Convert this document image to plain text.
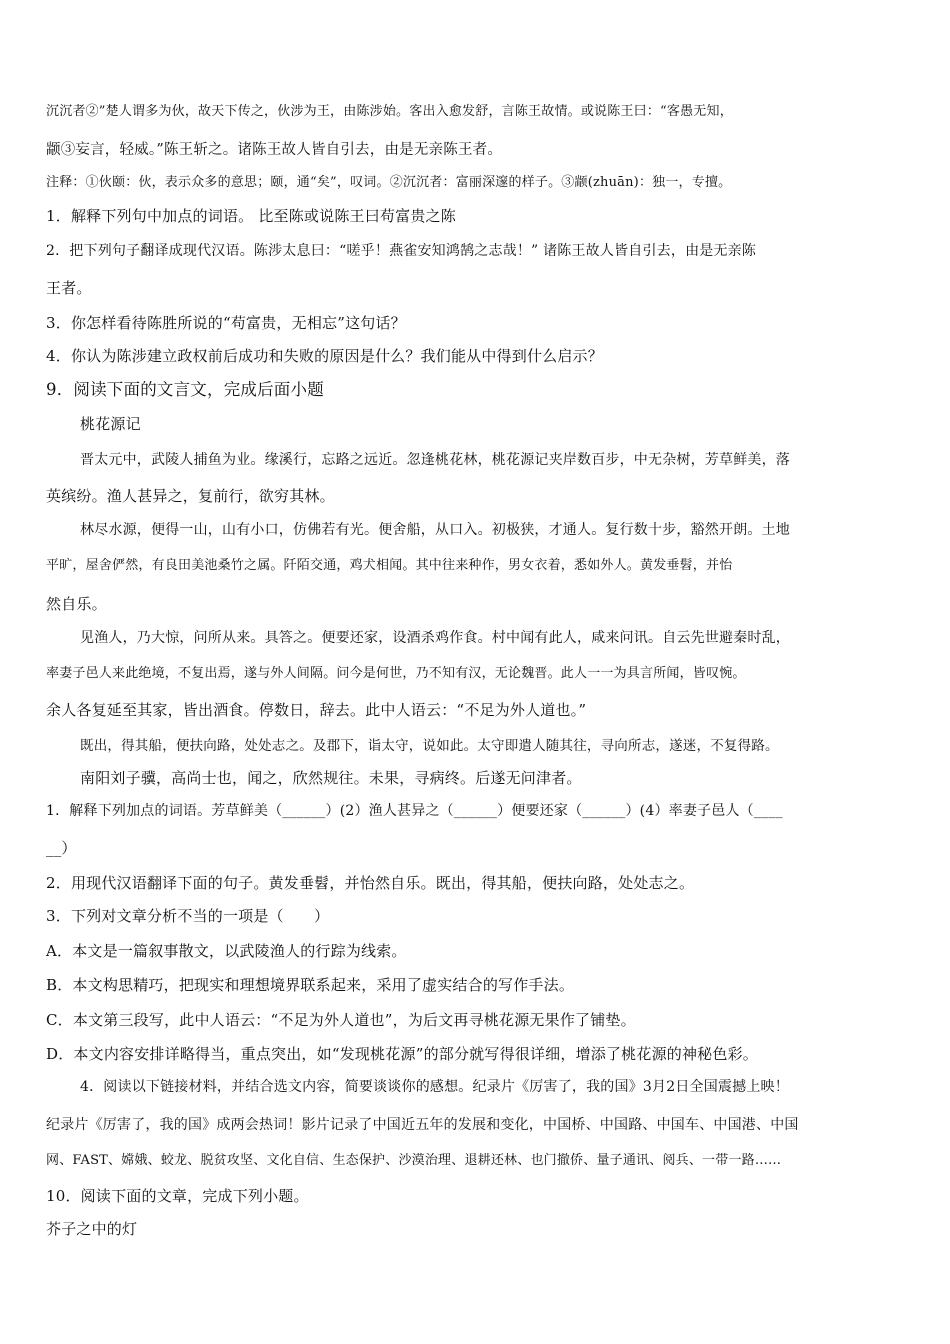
沉沉者②”楚人谓多为伙，故天下传之，伙涉为王，由陈涉始。客出入愈发舒，言陈王故情。或说陈王曰：“客愚无知，
颛③妄言，轻威。”陈王斩之。诸陈王故人皆自引去，由是无亲陈王者。
注释：①伙颐：伙，表示众多的意思；颐，通“矣”，叹词。②沉沉者：富丽深邃的样子。③颛(zhuān)：独一，专擅。
1．解释下列句中加点的词语。 比至陈或说陈王曰苟富贵之陈
2．把下列句子翻译成现代汉语。陈涉太息曰：“嗟乎！燕雀安知鸿鹄之志哉！” 诸陈王故人皆自引去，由是无亲陈
王者。
3．你怎样看待陈胜所说的“苟富贵，无相忘”这句话？
4．你认为陈涉建立政权前后成功和失败的原因是什么？我们能从中得到什么启示？
9．阅读下面的文言文，完成后面小题
桃花源记
晋太元中，武陵人捕鱼为业。缘溪行，忘路之远近。忽逢桃花林，桃花源记夹岸数百步，中无杂树，芳草鲜美，落
英缤纷。渔人甚异之，复前行，欲穷其林。
林尽水源，便得一山，山有小口，仿佛若有光。便舍船，从口入。初极狭，才通人。复行数十步，豁然开朗。土地
平旷，屋舍俨然，有良田美池桑竹之属。阡陌交通，鸡犬相闻。其中往来种作，男女衣着，悉如外人。黄发垂髫，并怡
然自乐。
见渔人，乃大惊，问所从来。具答之。便要还家，设酒杀鸡作食。村中闻有此人，咸来问讯。自云先世避秦时乱，
率妻子邑人来此绝境，不复出焉，遂与外人间隔。问今是何世，乃不知有汉，无论魏晋。此人一一为具言所闻，皆叹惋。
余人各复延至其家，皆出酒食。停数日，辞去。此中人语云：“不足为外人道也。”
既出，得其船，便扶向路，处处志之。及郡下，诣太守，说如此。太守即遣人随其往，寻向所志，遂迷，不复得路。
南阳刘子骥，高尚士也，闻之，欣然规往。未果，寻病终。后遂无问津者。
1．解释下列加点的词语。芳草鲜美（______）(2）渔人甚异之（______）便要还家（______）(4）率妻子邑人（____
__）
2．用现代汉语翻译下面的句子。黄发垂髫，并怡然自乐。既出，得其船，便扶向路，处处志之。
3．下列对文章分析不当的一项是（　　）
A．本文是一篇叙事散文，以武陵渔人的行踪为线索。
B．本文构思精巧，把现实和理想境界联系起来，采用了虚实结合的写作手法。
C．本文第三段写，此中人语云：“不足为外人道也”，为后文再寻桃花源无果作了铺垫。
D．本文内容安排详略得当，重点突出，如“发现桃花源”的部分就写得很详细，增添了桃花源的神秘色彩。
4．阅读以下链接材料，并结合选文内容，简要谈谈你的感想。纪录片《厉害了，我的国》3月2日全国震撼上映！
纪录片《厉害了，我的国》成两会热词！影片记录了中国近五年的发展和变化，中国桥、中国路、中国车、中国港、中国
网、FAST、嫦娥、蛟龙、脱贫攻坚、文化自信、生态保护、沙漠治理、退耕还林、也门撤侨、量子通讯、阅兵、一带一路……
10．阅读下面的文章，完成下列小题。
芥子之中的灯
